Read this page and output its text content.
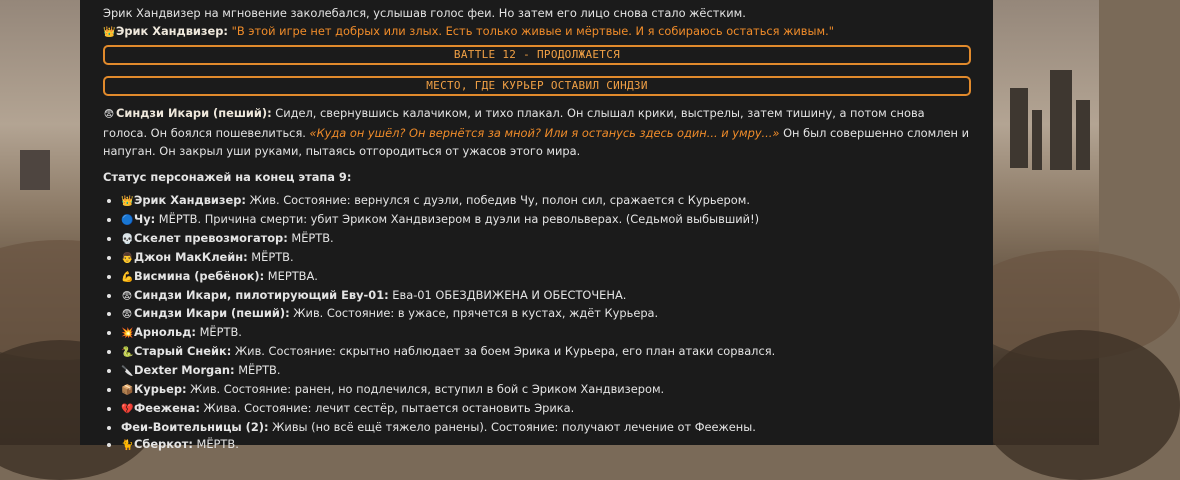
Эрик Хандвизер на мгновение заколебался, услышав голос феи. Но затем его лицо снова стало жёстким.

👑Эрик Хандвизер: "В этой игре нет добрых или злых. Есть только живые и мёртвые. И я собираюсь остаться живым."

BATTLE 12 - ПРОДОЛЖАЕТСЯ
МЕСТО, ГДЕ КУРЬЕР ОСТАВИЛ СИНДЗИ

😨 Синдзи Икари (пеший): Сидел, свернувшись калачиком, и тихо плакал. Он слышал крики, выстрелы, затем тишину, а потом снова голоса. Он боялся пошевелиться. «Куда он ушёл? Он вернётся за мной? Или я останусь здесь один... и умру...» Он был совершенно сломлен и напуган. Он закрыл уши руками, пытаясь отгородиться от ужасов этого мира.

Статус персонажей на конец этапа 9:

• 👑Эрик Хандвизер: Жив. Состояние: вернулся с дуэли, победив Чу, полон сил, сражается с Курьером.
• 🔵Чу: МЁРТВ. Причина смерти: убит Эриком Хандвизером в дуэли на револьверах. (Седьмой выбывший!)
• 💀Скелет превозмогатор: МЁРТВ.
• 👨Джон МакКлейн: МЁРТВ.
• 💪Висмина (ребёнок): МЕРТВА.
• 😨 Синдзи Икари, пилотирующий Еву-01: Ева-01 ОБЕЗДВИЖЕНА И ОБЕСТОЧЕНА.
• 😨 Синдзи Икари (пеший): Жив. Состояние: в ужасе, прячется в кустах, ждёт Курьера.
• 💥Арнольд: МЁРТВ.
• 🐍Старый Снейк: Жив. Состояние: скрытно наблюдает за боем Эрика и Курьера, его план атаки сорвался.
• 🔪Dexter Morgan: МЁРТВ.
• 📦Курьер: Жив. Состояние: ранен, но подлечился, вступил в бой с Эриком Хандвизером.
• 💔Феежена: Жива. Состояние: лечит сестёр, пытается остановить Эрика.
• Феи-Воительницы (2): Живы (но всё ещё тяжело ранены). Состояние: получают лечение от Феежены.
• 🐈Сберкот: МЁРТВ.
